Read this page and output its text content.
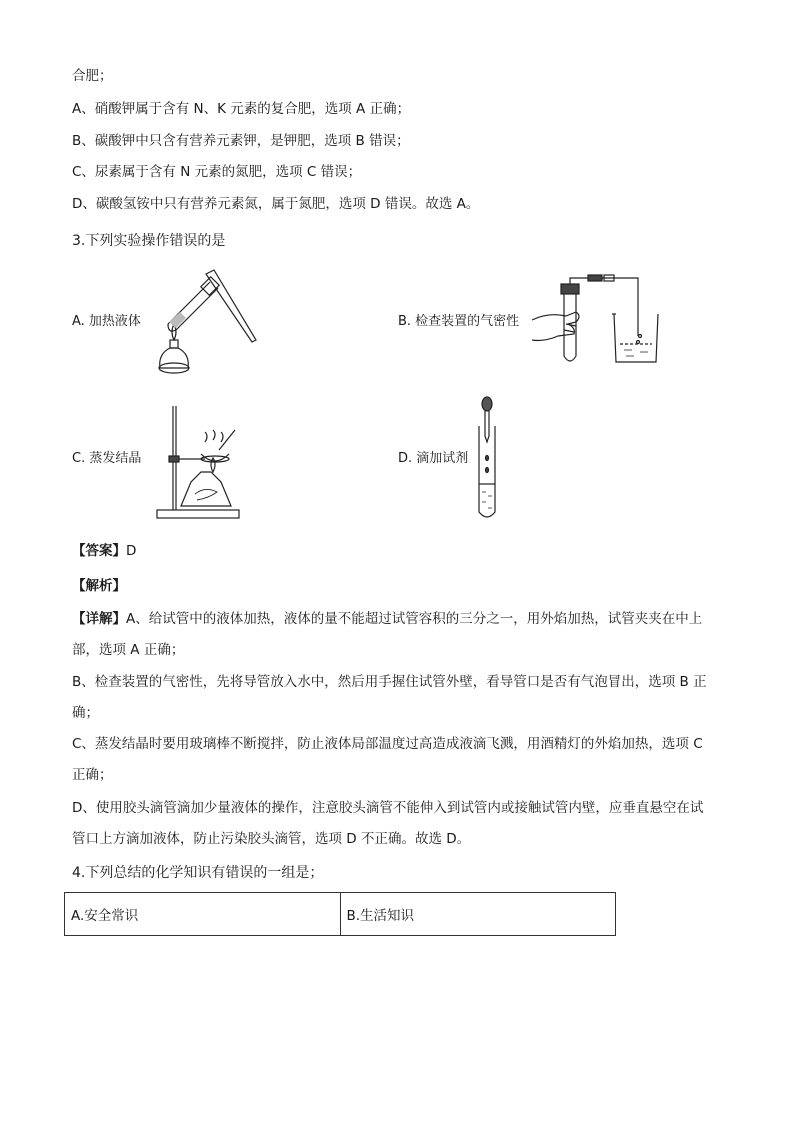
合肥；
A、硝酸钾属于含有 N、K 元素的复合肥，选项 A 正确；
B、碳酸钾中只含有营养元素钾，是钾肥，选项 B 错误；
C、尿素属于含有 N 元素的氮肥，选项 C 错误；
D、碳酸氢铵中只有营养元素氮，属于氮肥，选项 D 错误。故选 A。
3.下列实验操作错误的是
A. 加热液体	B. 检查装置的气密性
C. 蒸发结晶	D. 滴加试剂
【答案】D
【解析】
【详解】A、给试管中的液体加热，液体的量不能超过试管容积的三分之一，用外焰加热，试管夹夹在中上
部，选项 A 正确；
B、检查装置的气密性，先将导管放入水中，然后用手握住试管外壁，看导管口是否有气泡冒出，选项 B 正
确；
C、蒸发结晶时要用玻璃棒不断搅拌，防止液体局部温度过高造成液滴飞溅，用酒精灯的外焰加热，选项 C
正确；
D、使用胶头滴管滴加少量液体的操作，注意胶头滴管不能伸入到试管内或接触试管内壁，应垂直悬空在试
管口上方滴加液体，防止污染胶头滴管，选项 D 不正确。故选 D。
4.下列总结的化学知识有错误的一组是；
A.安全常识	B.生活知识
